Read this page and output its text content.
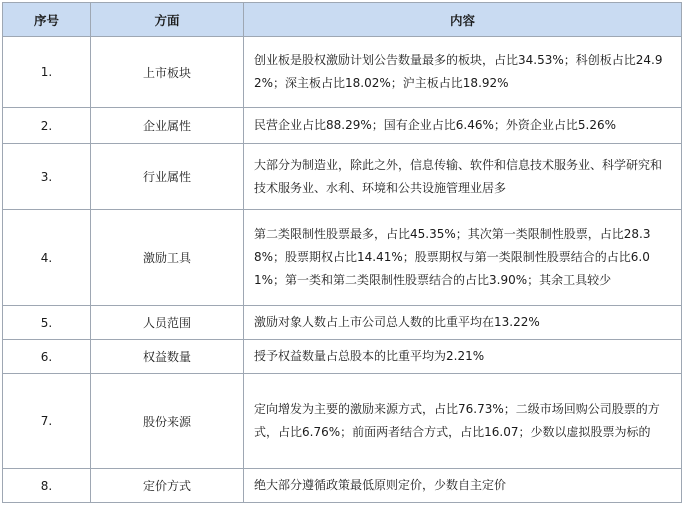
序号	方面	内容
1.	上市板块	创业板是股权激励计划公告数量最多的板块，占比34.53%；科创板占比24.92%；深主板占比18.02%；沪主板占比18.92%
2.	企业属性	民营企业占比88.29%；国有企业占比6.46%；外资企业占比5.26%
3.	行业属性	大部分为制造业，除此之外，信息传输、软件和信息技术服务业、科学研究和技术服务业、水利、环境和公共设施管理业居多
4.	激励工具	第二类限制性股票最多，占比45.35%；其次第一类限制性股票，占比28.38%；股票期权占比14.41%；股票期权与第一类限制性股票结合的占比6.01%；第一类和第二类限制性股票结合的占比3.90%；其余工具较少
5.	人员范围	激励对象人数占上市公司总人数的比重平均在13.22%
6.	权益数量	授予权益数量占总股本的比重平均为2.21%
7.	股份来源	定向增发为主要的激励来源方式，占比76.73%；二级市场回购公司股票的方式，占比6.76%；前面两者结合方式，占比16.07；少数以虚拟股票为标的
8.	定价方式	绝大部分遵循政策最低原则定价，少数自主定价
